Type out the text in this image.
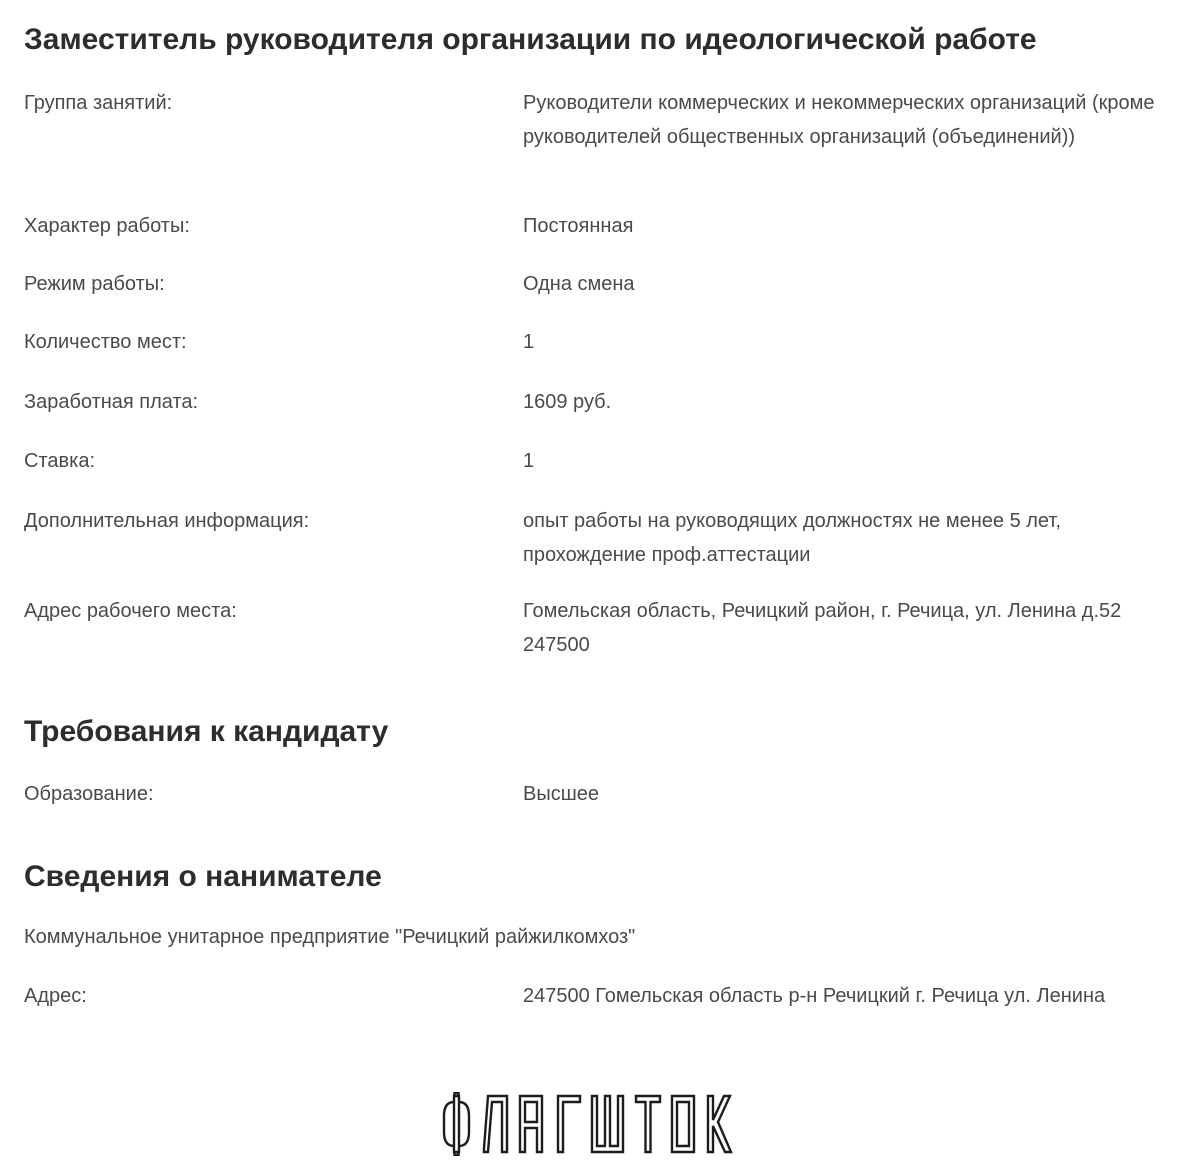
Заместитель руководителя организации по идеологической работе
Группа занятий:	Руководители коммерческих и некоммерческих организаций (кроме руководителей общественных организаций (объединений))
Характер работы:	Постоянная
Режим работы:	Одна смена
Количество мест:	1
Заработная плата:	1609 руб.
Ставка:	1
Дополнительная информация:	опыт работы на руководящих должностях не менее 5 лет, прохождение проф.аттестации
Адрес рабочего места:	Гомельская область, Речицкий район, г. Речица, ул. Ленина д.52 247500
Требования к кандидату
Образование:	Высшее
Сведения о нанимателе
Коммунальное унитарное предприятие "Речицкий райжилкомхоз"
Адрес:	247500 Гомельская область р-н Речицкий г. Речица ул. Ленина
